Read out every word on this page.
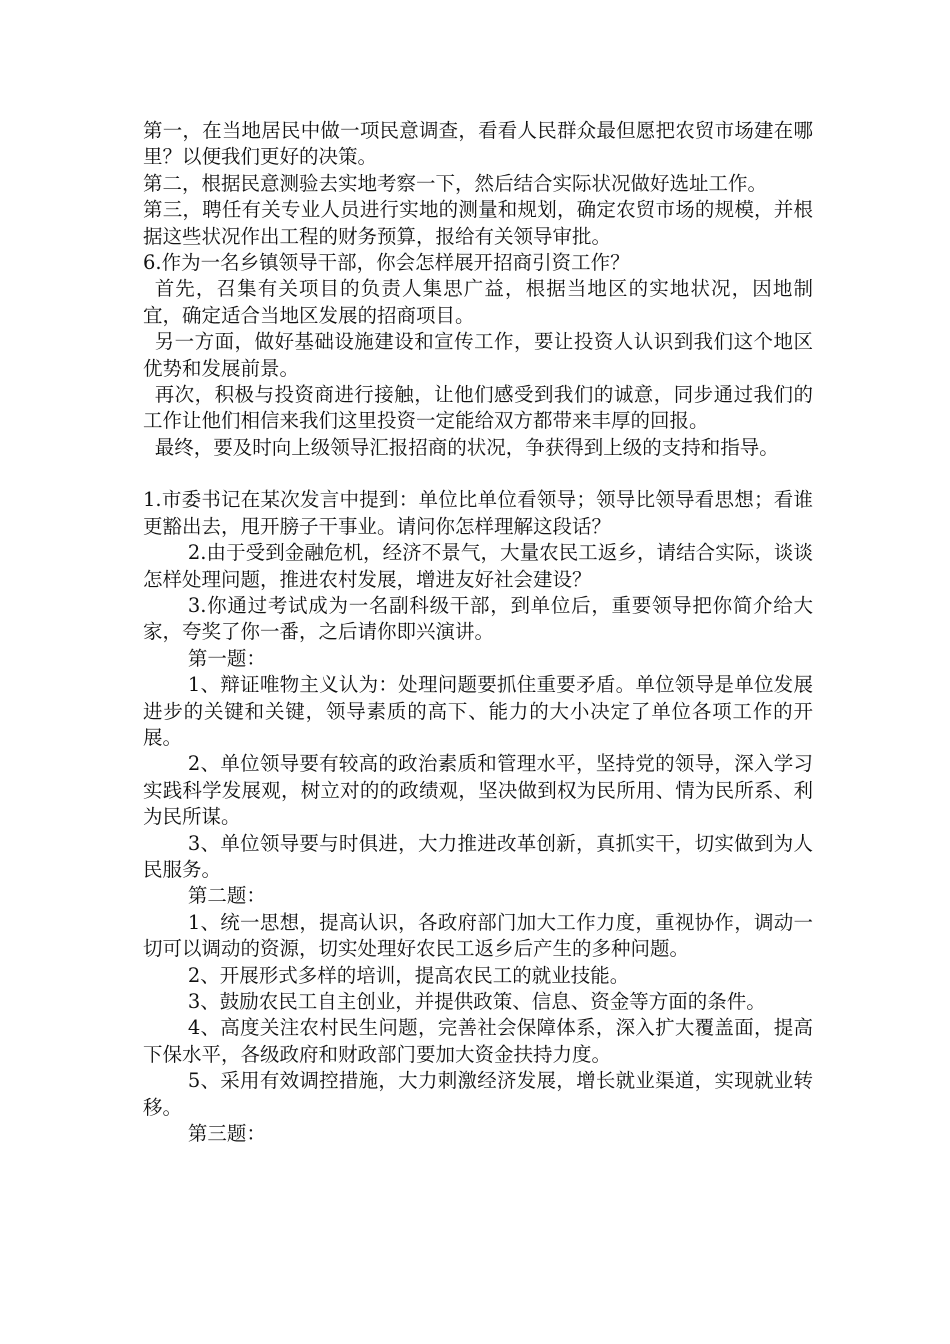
第一，在当地居民中做一项民意调查，看看人民群众最但愿把农贸市场建在哪里？以便我们更好的决策。

第二，根据民意测验去实地考察一下，然后结合实际状况做好选址工作。

第三，聘任有关专业人员进行实地的测量和规划，确定农贸市场的规模，并根据这些状况作出工程的财务预算，报给有关领导审批。

6.作为一名乡镇领导干部，你会怎样展开招商引资工作？

首先，召集有关项目的负责人集思广益，根据当地区的实地状况，因地制宜，确定适合当地区发展的招商项目。

另一方面，做好基础设施建设和宣传工作，要让投资人认识到我们这个地区优势和发展前景。

再次，积极与投资商进行接触，让他们感受到我们的诚意，同步通过我们的工作让他们相信来我们这里投资一定能给双方都带来丰厚的回报。

最终，要及时向上级领导汇报招商的状况，争获得到上级的支持和指导。

1.市委书记在某次发言中提到：单位比单位看领导；领导比领导看思想；看谁更豁出去，甩开膀子干事业。请问你怎样理解这段话？

2.由于受到金融危机，经济不景气，大量农民工返乡，请结合实际，谈谈怎样处理问题，推进农村发展，增进友好社会建设？

3.你通过考试成为一名副科级干部，到单位后，重要领导把你简介给大家，夸奖了你一番，之后请你即兴演讲。

第一题：

1、辩证唯物主义认为：处理问题要抓住重要矛盾。单位领导是单位发展进步的关键和关键，领导素质的高下、能力的大小决定了单位各项工作的开展。

2、单位领导要有较高的政治素质和管理水平，坚持党的领导，深入学习实践科学发展观，树立对的的政绩观，坚决做到权为民所用、情为民所系、利为民所谋。

3、单位领导要与时俱进，大力推进改革创新，真抓实干，切实做到为人民服务。

第二题：

1、统一思想，提高认识，各政府部门加大工作力度，重视协作，调动一切可以调动的资源，切实处理好农民工返乡后产生的多种问题。

2、开展形式多样的培训，提高农民工的就业技能。

3、鼓励农民工自主创业，并提供政策、信息、资金等方面的条件。

4、高度关注农村民生问题，完善社会保障体系，深入扩大覆盖面，提高下保水平，各级政府和财政部门要加大资金扶持力度。

5、采用有效调控措施，大力刺激经济发展，增长就业渠道，实现就业转移。

第三题：
